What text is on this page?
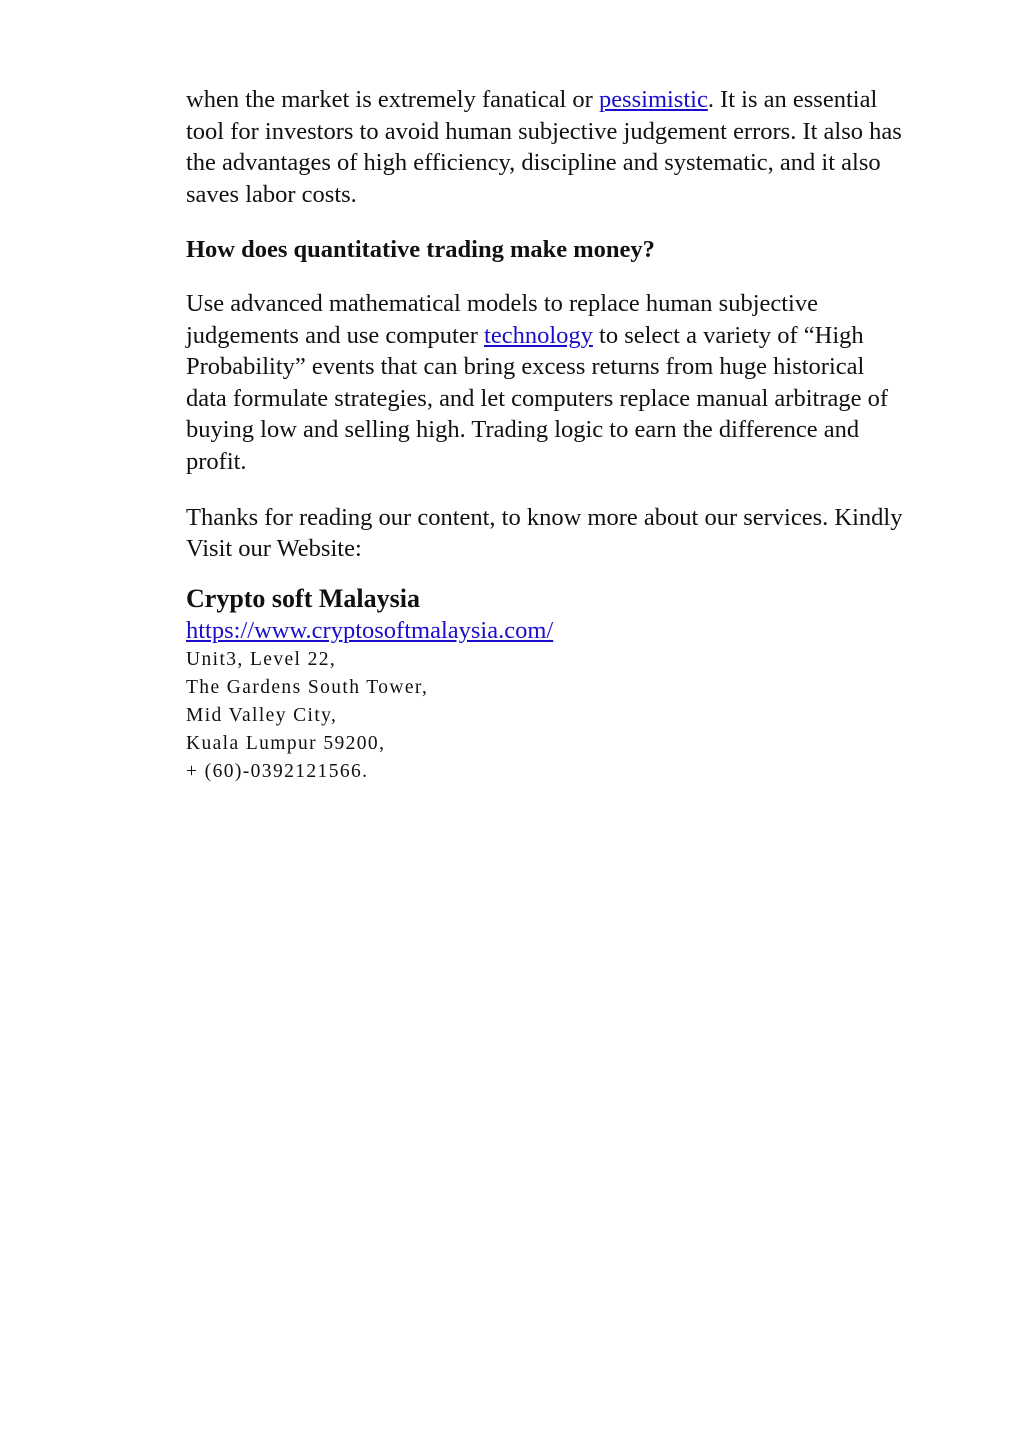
when the market is extremely fanatical or pessimistic. It is an essential tool for investors to avoid human subjective judgement errors. It also has the advantages of high efficiency, discipline and systematic, and it also saves labor costs.

How does quantitative trading make money?

Use advanced mathematical models to replace human subjective judgements and use computer technology to select a variety of “High Probability” events that can bring excess returns from huge historical data formulate strategies, and let computers replace manual arbitrage of buying low and selling high. Trading logic to earn the difference and profit.

Thanks for reading our content, to know more about our services. Kindly Visit our Website:

Crypto soft Malaysia
https://www.cryptosoftmalaysia.com/

Unit3, Level 22,

The Gardens South Tower,

Mid Valley City,

Kuala Lumpur 59200,

+ (60)-0392121566.
